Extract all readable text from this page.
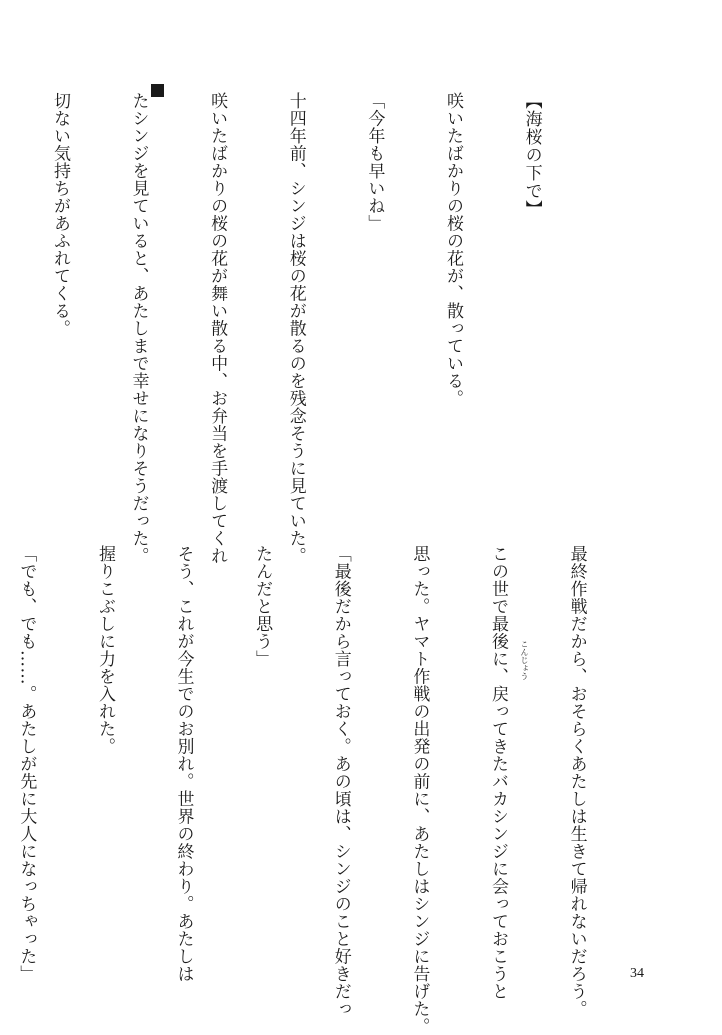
【海桜の下で】

咲いたばかりの桜の花が、散っている。

「今年も早いね」

十四年前、シンジは桜の花が散るのを残念そうに見ていた。

咲いたばかりの桜の花が舞い散る中、お弁当を手渡してくれ

たシンジを見ていると、あたしまで幸せになりそうだった。

切ない気持ちがあふれてくる。

最終作戦だから、おそらくあたしは生きて帰れないだろう。

この世で最後に、戻ってきたバカシンジに会っておこうと

思った。ヤマト作戦の出発の前に、あたしはシンジに告げた。

「最後だから言っておく。あの頃は、シンジのこと好きだっ

たんだと思う」

そう、これが今生でのお別れ。世界の終わり。あたしは

握りこぶしに力を入れた。

「でも、でも……。あたしが先に大人になっちゃった」

	こんじょう
34
